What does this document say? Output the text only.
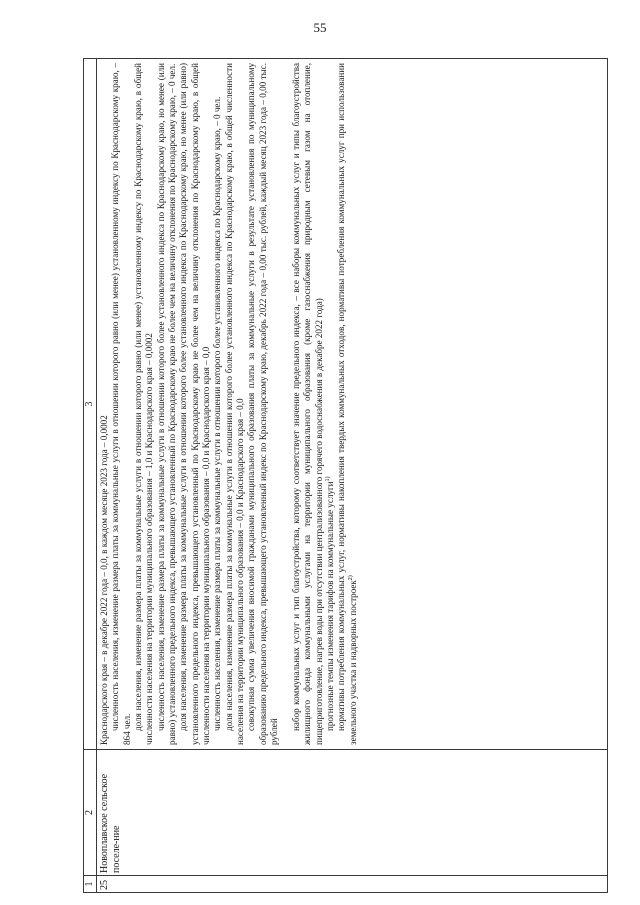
55
1
2
3
25
Новоплавское сельское поселе-ние

Краснодарского края – в декабре 2022 года – 0,0, в каждом месяце 2023 года – 0,0002 численность населения, изменение размера платы за коммунальные услуги в отношении которого равно (или менее) установленному индексу по Краснодарскому краю, – 864 чел. доля населения, изменение размера платы за коммунальные услуги в отношении которого равно (или менее) установленному индексу по Краснодарскому краю, в общей численности населения на территории муниципального образования – 1,0 и Краснодарского края – 0,0002 численность населения, изменение размера платы за коммунальные услуги в отношении которого более установленного индекса по Краснодарскому краю, но менее (или равно) установленного предельного индекса, превышающего установленный по Краснодарскому краю не более чем на величину отклонения по Краснодарскому краю, – 0 чел. доля населения, изменение размера платы за коммунальные услуги в отношении которого более установленного индекса по Краснодарскому краю, но менее (или равно) установленного предельного индекса, превышающего установленный по Краснодарскому краю не более чем на величину отклонения по Краснодарскому краю, в общей численности населения на территории муниципального образования – 0,0 и Краснодарского края – 0,0 численность населения, изменение размера платы за коммунальные услуги в отношении которого более установленного индекса по Краснодарскому краю, – 0 чел. доля населения, изменение размера платы за коммунальные услуги в отношении которого более установленного индекса по Краснодарскому краю, в общей численности населения на территории муниципального образования – 0,0 и Краснодарского края – 0,0 совокупная сумма увеличения вносимой гражданами муниципального образования платы за коммунальные услуги в результате установления по муниципальному образованию предельного индекса, превышающего установленный индекс по Краснодарскому краю, декабрь 2022 года – 0,00 тыс. рублей, каждый месяц 2023 года – 0,00 тыс. рублей

набор коммунальных услуг и тип благоустройства, которому соответствует значение предельного индекса, – все наборы коммунальных услуг и типы благоустройства жилищного фонда коммунальными услугами на территории муниципального образования (кроме газоснабжения природным сетевым газом на отопление, пищеприготовление, нагрев воды при отсутствии централизованного горячего водоснабжения в декабре 2022 года) прогнозные темпы изменения тарифов на коммунальные услуги$^{1)}$ нормативы потребления коммунальных услуг, нормативы накопления твердых коммунальных отходов, нормативы потребления коммунальных услуг при использовании земельного участка и надворных построек$^{2)}$
